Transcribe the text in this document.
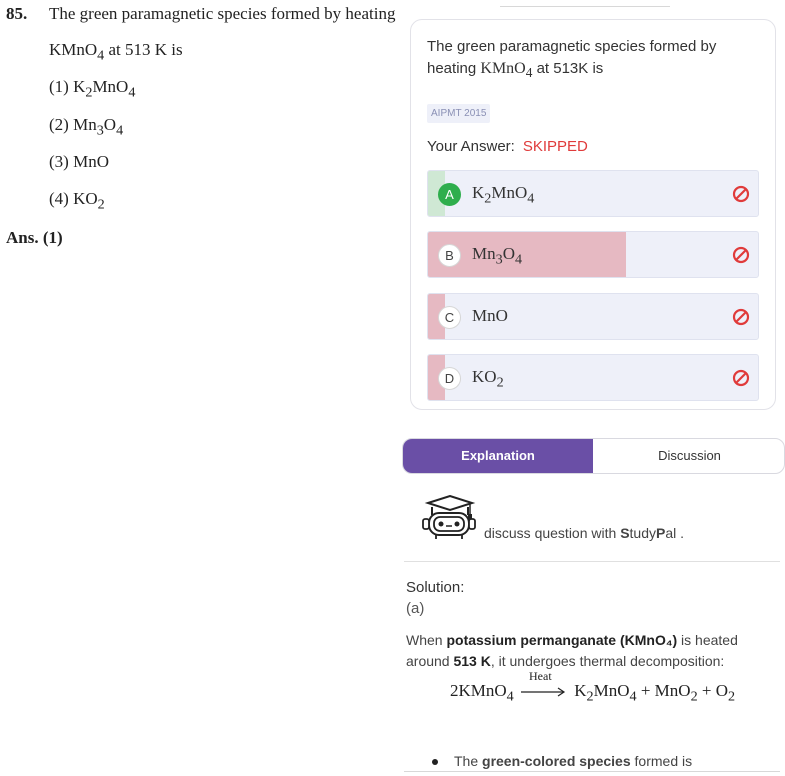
85. The green paramagnetic species formed by heating
KMnO$_4$ at 513 K is
(1) $K_2MnO_4$
(2) $Mn_3O_4$
(3) MnO
(4) $KO_2$
Ans. (1)
The green paramagnetic species formed by heating KMnO$_4$ at 513K is
AIPMT 2015
Your Answer: SKIPPED
A	$K_2MnO_4$
B	$Mn_3O_4$
C	MnO
D	$KO_2$
Explanation	Discussion
discuss question with StudyPal .
Solution:
(a)
When potassium permanganate (KMnO₄) is heated around 513 K, it undergoes thermal decomposition:
2KMnO$_4$
Heat
$K_2MnO_4 + MnO_2 + O_2$
The green-colored species formed is
